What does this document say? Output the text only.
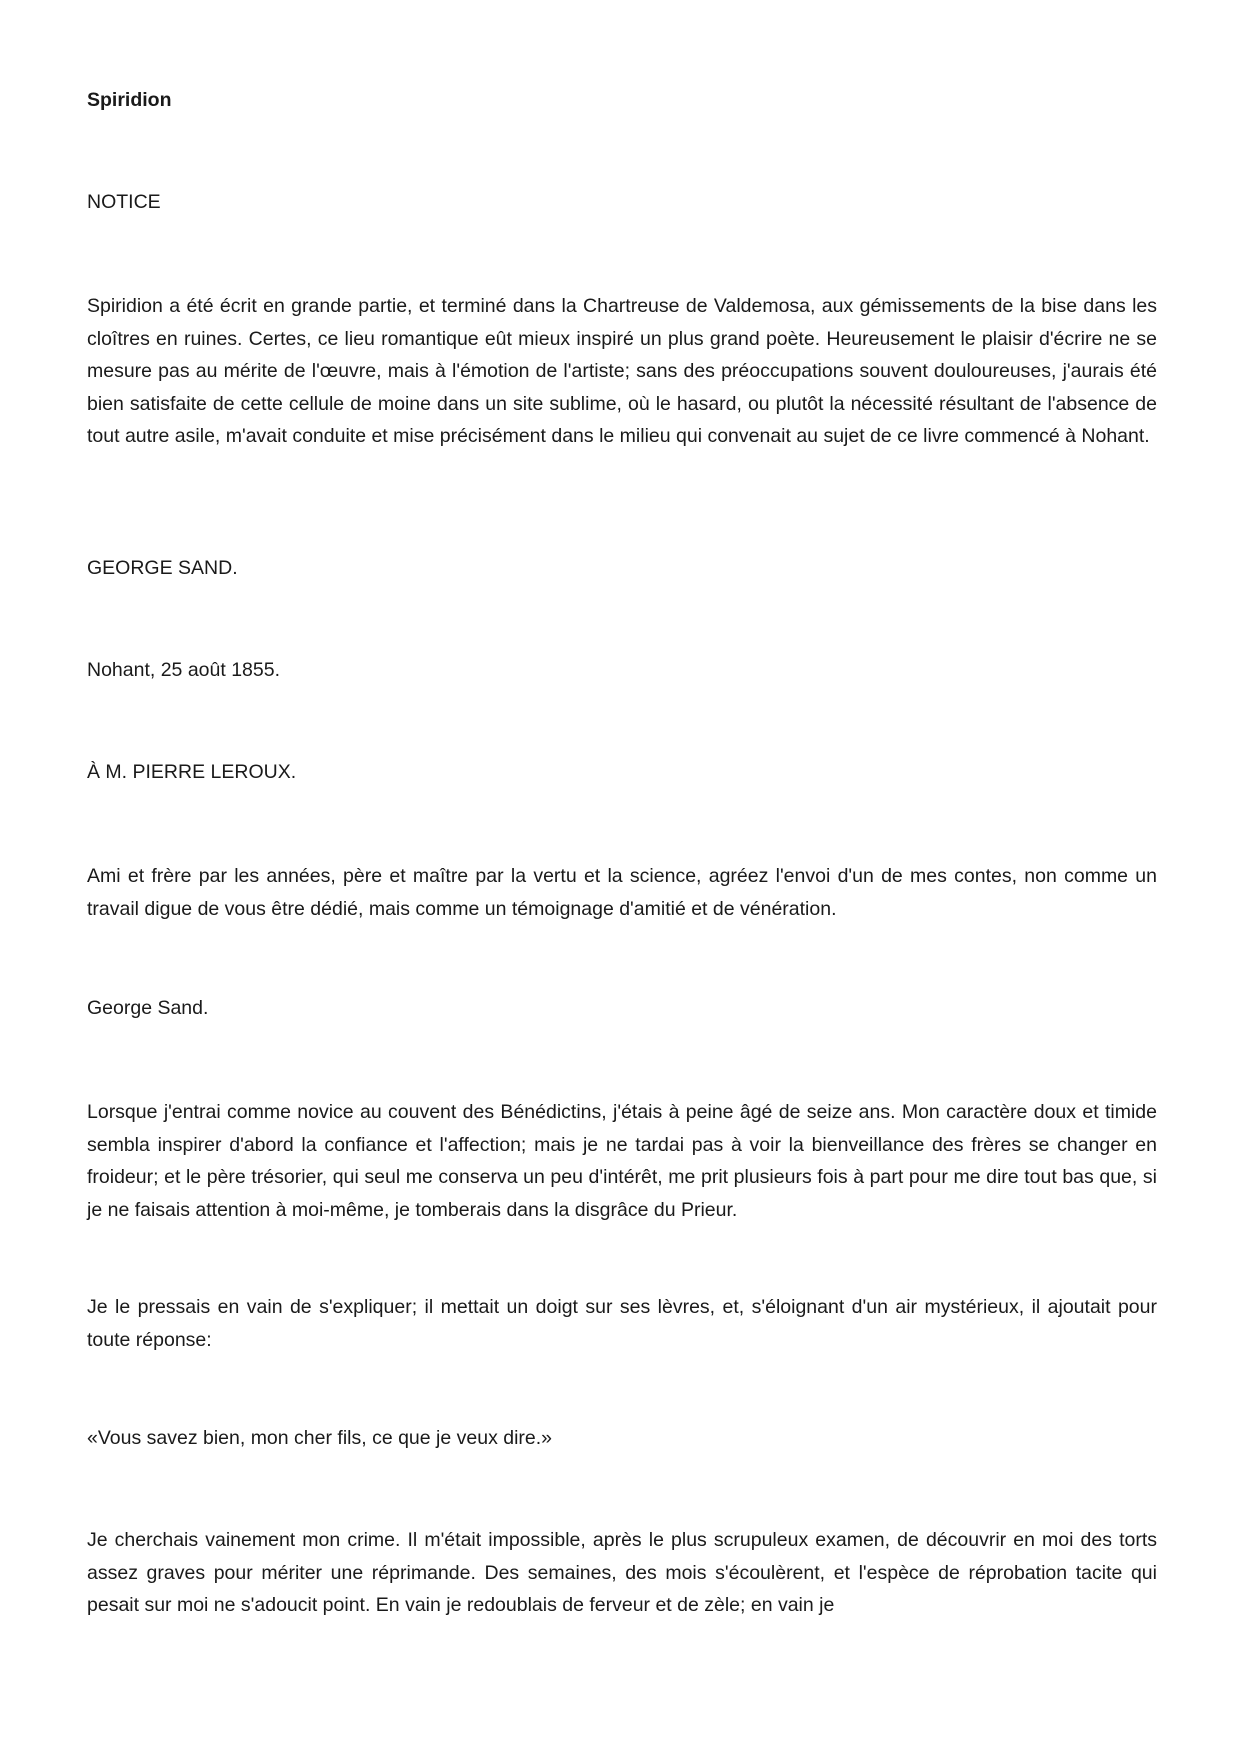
Spiridion

NOTICE

Spiridion a été écrit en grande partie, et terminé dans la Chartreuse de Valdemosa, aux gémissements de la bise dans les cloîtres en ruines. Certes, ce lieu romantique eût mieux inspiré un plus grand poète. Heureusement le plaisir d'écrire ne se mesure pas au mérite de l'œuvre, mais à l'émotion de l'artiste; sans des préoccupations souvent douloureuses, j'aurais été bien satisfaite de cette cellule de moine dans un site sublime, où le hasard, ou plutôt la nécessité résultant de l'absence de tout autre asile, m'avait conduite et mise précisément dans le milieu qui convenait au sujet de ce livre commencé à Nohant.

GEORGE SAND.

Nohant, 25 août 1855.

À M. PIERRE LEROUX.

Ami et frère par les années, père et maître par la vertu et la science, agréez l'envoi d'un de mes contes, non comme un travail digue de vous être dédié, mais comme un témoignage d'amitié et de vénération.

George Sand.

Lorsque j'entrai comme novice au couvent des Bénédictins, j'étais à peine âgé de seize ans. Mon caractère doux et timide sembla inspirer d'abord la confiance et l'affection; mais je ne tardai pas à voir la bienveillance des frères se changer en froideur; et le père trésorier, qui seul me conserva un peu d'intérêt, me prit plusieurs fois à part pour me dire tout bas que, si je ne faisais attention à moi-même, je tomberais dans la disgrâce du Prieur.

Je le pressais en vain de s'expliquer; il mettait un doigt sur ses lèvres, et, s'éloignant d'un air mystérieux, il ajoutait pour toute réponse:

«Vous savez bien, mon cher fils, ce que je veux dire.»

Je cherchais vainement mon crime. Il m'était impossible, après le plus scrupuleux examen, de découvrir en moi des torts assez graves pour mériter une réprimande. Des semaines, des mois s'écoulèrent, et l'espèce de réprobation tacite qui pesait sur moi ne s'adoucit point. En vain je redoublais de ferveur et de zèle; en vain je
